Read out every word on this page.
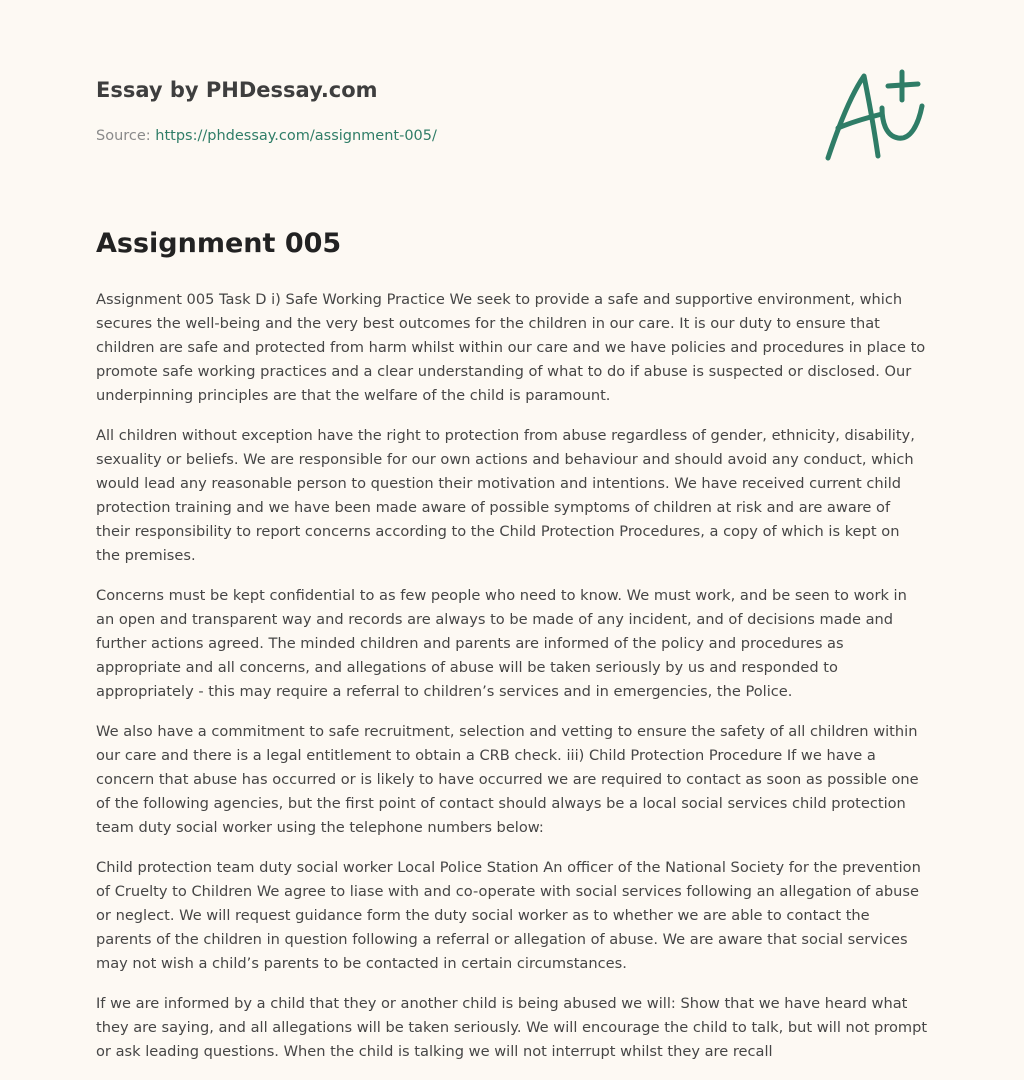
Essay by PHDessay.com
Source: https://phdessay.com/assignment-005/
Assignment 005

Assignment 005 Task D i) Safe Working Practice We seek to provide a safe and supportive environment, which secures the well-being and the very best outcomes for the children in our care. It is our duty to ensure that children are safe and protected from harm whilst within our care and we have policies and procedures in place to promote safe working practices and a clear understanding of what to do if abuse is suspected or disclosed. Our underpinning principles are that the welfare of the child is paramount.

All children without exception have the right to protection from abuse regardless of gender, ethnicity, disability, sexuality or beliefs. We are responsible for our own actions and behaviour and should avoid any conduct, which would lead any reasonable person to question their motivation and intentions. We have received current child protection training and we have been made aware of possible symptoms of children at risk and are aware of their responsibility to report concerns according to the Child Protection Procedures, a copy of which is kept on the premises.

Concerns must be kept confidential to as few people who need to know. We must work, and be seen to work in an open and transparent way and records are always to be made of any incident, and of decisions made and further actions agreed. The minded children and parents are informed of the policy and procedures as appropriate and all concerns, and allegations of abuse will be taken seriously by us and responded to appropriately - this may require a referral to children’s services and in emergencies, the Police.

We also have a commitment to safe recruitment, selection and vetting to ensure the safety of all children within our care and there is a legal entitlement to obtain a CRB check. iii) Child Protection Procedure If we have a concern that abuse has occurred or is likely to have occurred we are required to contact as soon as possible one of the following agencies, but the first point of contact should always be a local social services child protection team duty social worker using the telephone numbers below:

Child protection team duty social worker Local Police Station An officer of the National Society for the prevention of Cruelty to Children We agree to liase with and co-operate with social services following an allegation of abuse or neglect. We will request guidance form the duty social worker as to whether we are able to contact the parents of the children in question following a referral or allegation of abuse. We are aware that social services may not wish a child’s parents to be contacted in certain circumstances.

If we are informed by a child that they or another child is being abused we will: Show that we have heard what they are saying, and all allegations will be taken seriously. We will encourage the child to talk, but will not prompt or ask leading questions. When the child is talking we will not interrupt whilst they are recall
